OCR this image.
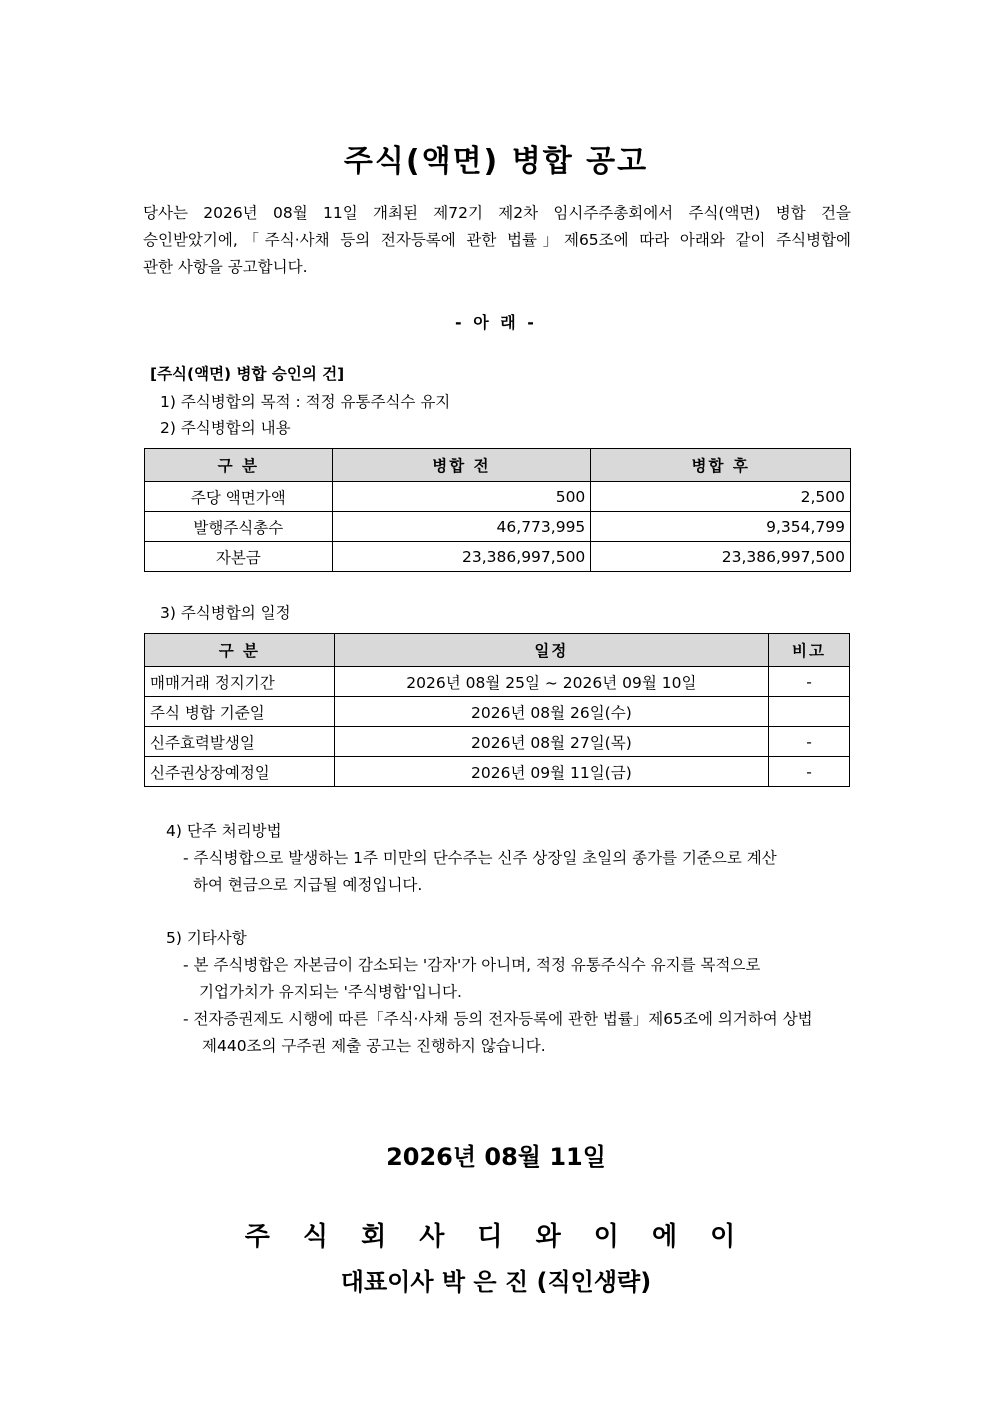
주식(액면) 병합 공고
당사는 2026년 08월 11일 개최된 제72기 제2차 임시주주총회에서 주식(액면) 병합 건을
승인받았기에,「주식·사채 등의 전자등록에 관한 법률」제65조에 따라 아래와 같이 주식병합에
관한 사항을 공고합니다.
- 아 래 -
[주식(액면) 병합 승인의 건]
1) 주식병합의 목적 : 적정 유통주식수 유지
2) 주식병합의 내용
구 분	병합 전	병합 후
주당 액면가액	500	2,500
발행주식총수	46,773,995	9,354,799
자본금	23,386,997,500	23,386,997,500
3) 주식병합의 일정
구 분	일정	비고
매매거래 정지기간	2026년 08월 25일 ~ 2026년 09월 10일	-
주식 병합 기준일	2026년 08월 26일(수)	
신주효력발생일	2026년 08월 27일(목)	-
신주권상장예정일	2026년 09월 11일(금)	-
4) 단주 처리방법
- 주식병합으로 발생하는 1주 미만의 단수주는 신주 상장일 초일의 종가를 기준으로 계산
하여 현금으로 지급될 예정입니다.
5) 기타사항
- 본 주식병합은 자본금이 감소되는 '감자'가 아니며, 적정 유통주식수 유지를 목적으로
기업가치가 유지되는 '주식병합'입니다.
- 전자증권제도 시행에 따른「주식·사채 등의 전자등록에 관한 법률」제65조에 의거하여 상법
제440조의 구주권 제출 공고는 진행하지 않습니다.
2026년 08월 11일
주 식 회 사 디 와 이 에 이
대표이사 박 은 진 (직인생략)
